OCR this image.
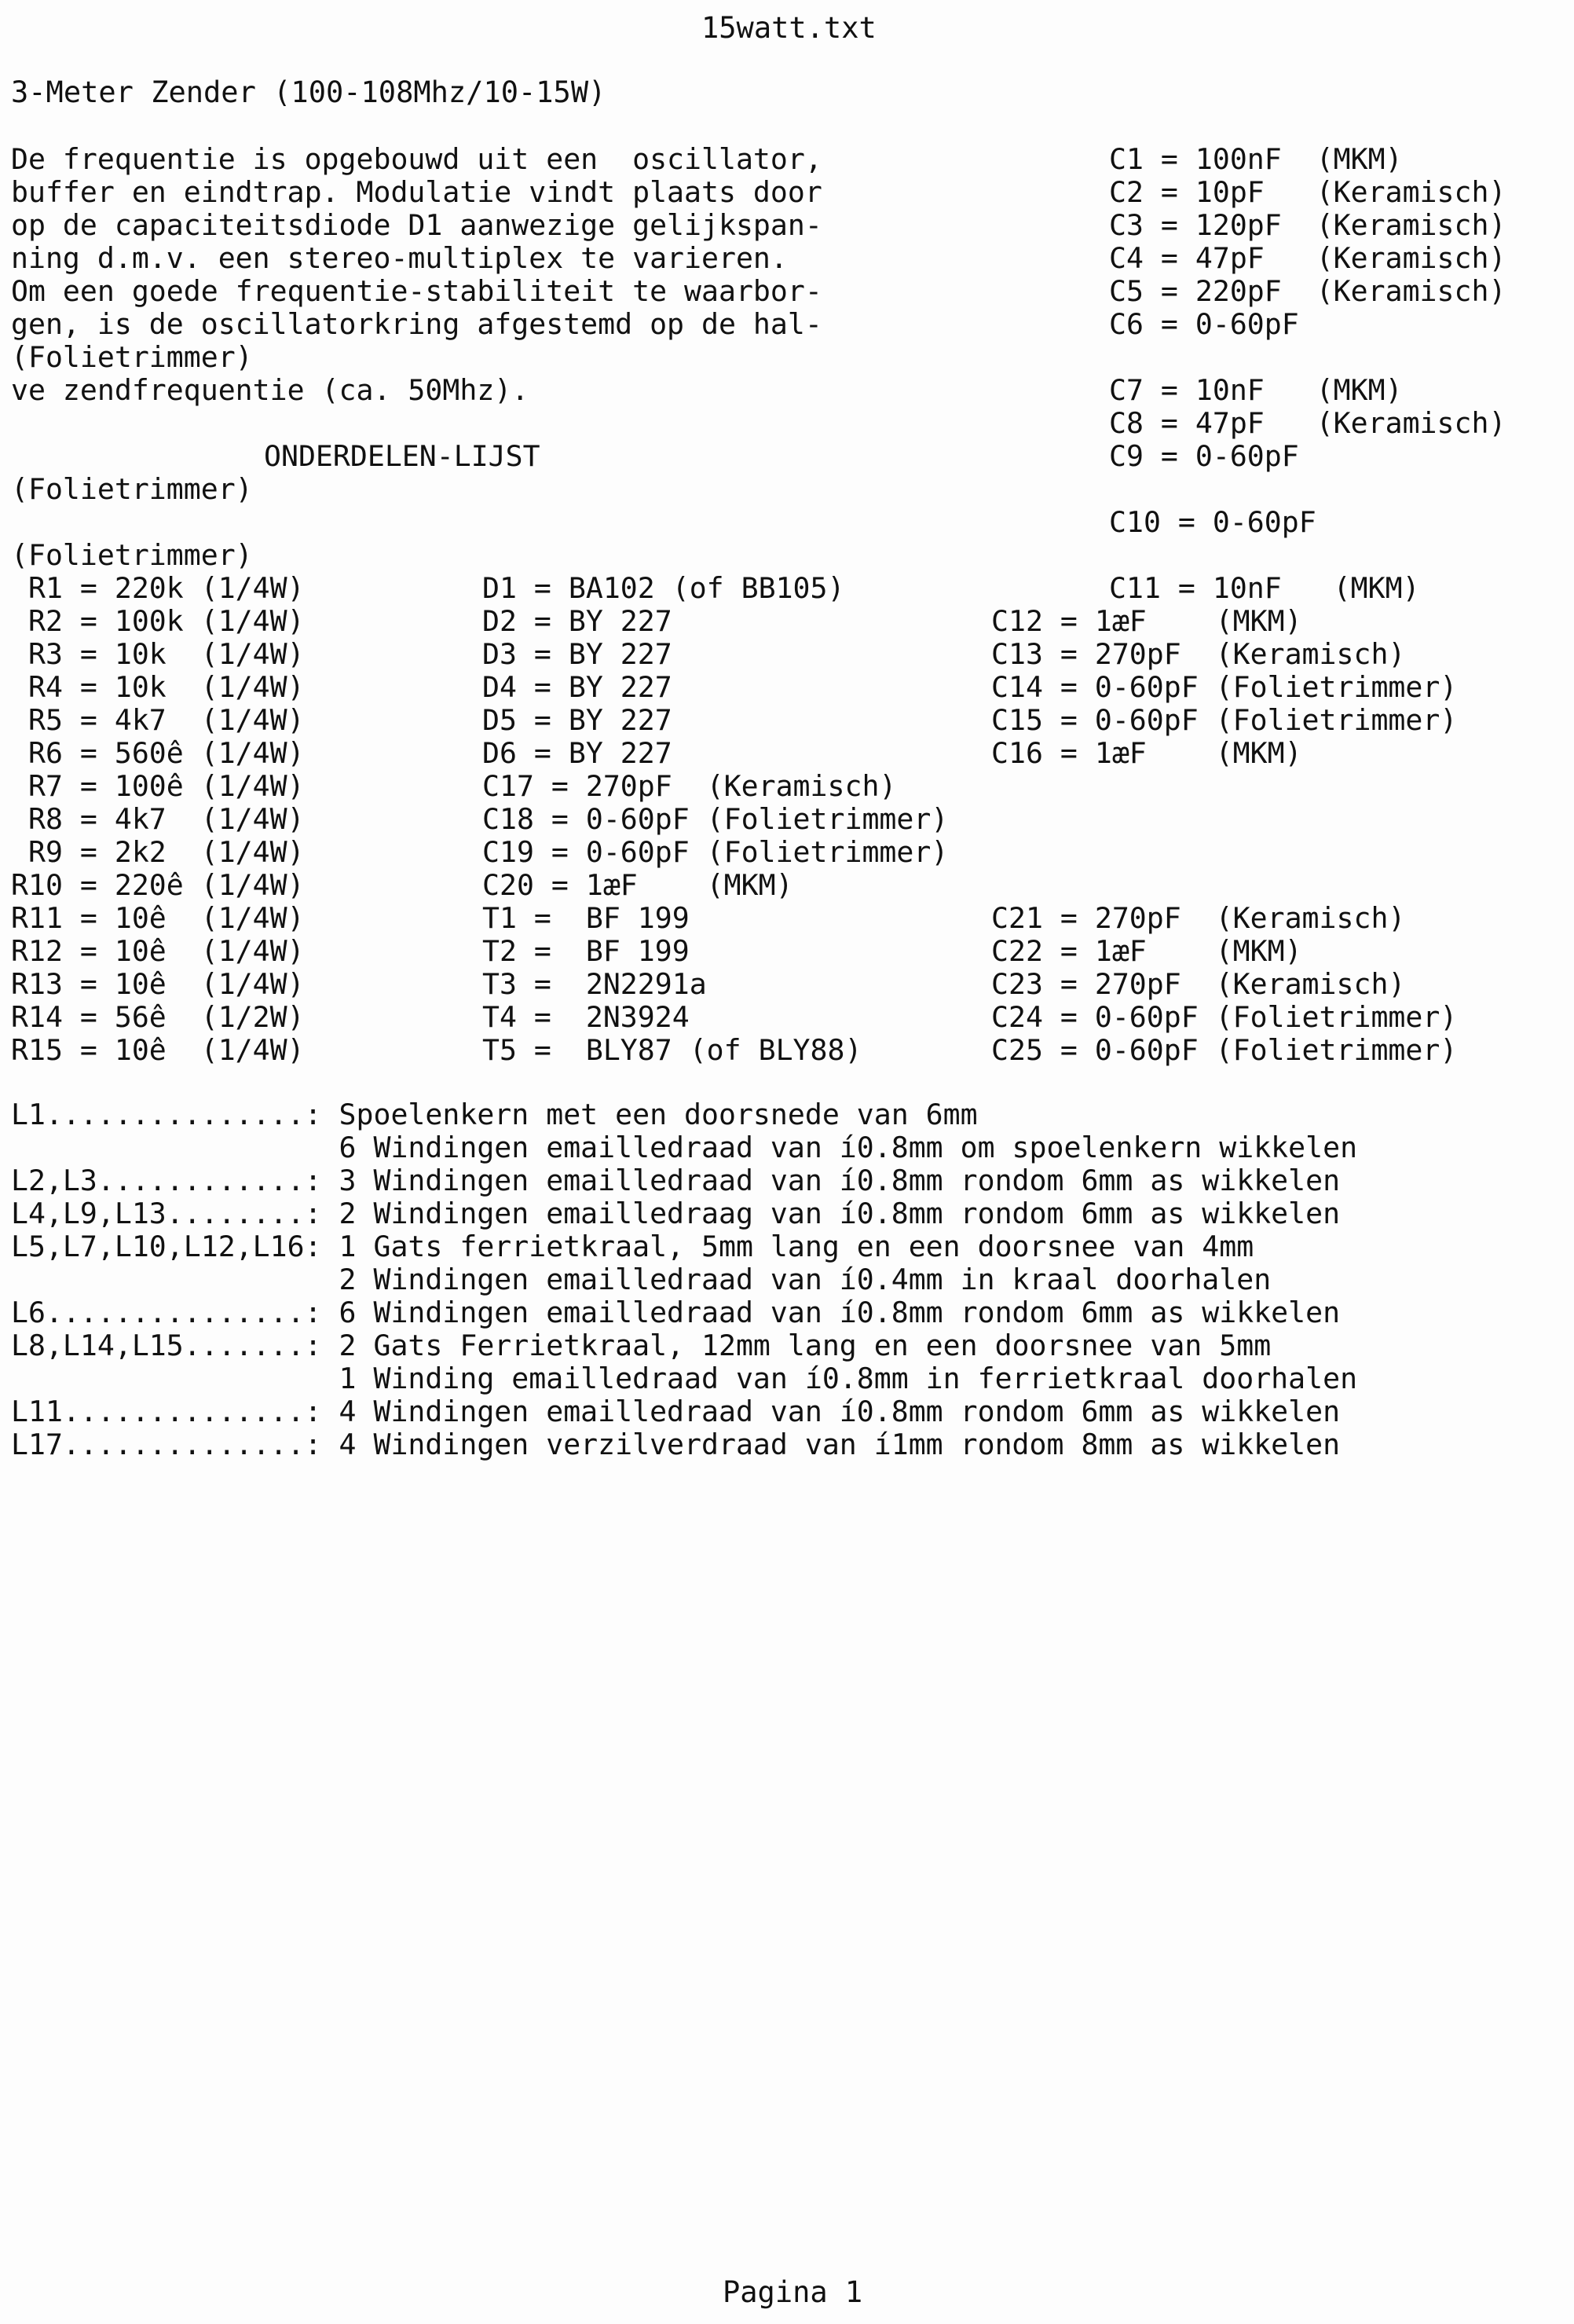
15watt.txt
3-Meter Zender (100-108Mhz/10-15W)
De frequentie is opgebouwd uit een  oscillator,
buffer en eindtrap. Modulatie vindt plaats door
op de capaciteitsdiode D1 aanwezige gelijkspan-
ning d.m.v. een stereo-multiplex te varieren.
Om een goede frequentie-stabiliteit te waarbor-
gen, is de oscillatorkring afgestemd op de hal-
(Folietrimmer)
ve zendfrequentie (ca. 50Mhz).
C1 = 100nF  (MKM)
C2 = 10pF   (Keramisch)
C3 = 120pF  (Keramisch)
C4 = 47pF   (Keramisch)
C5 = 220pF  (Keramisch)
C6 = 0-60pF
C7 = 10nF   (MKM)
C8 = 47pF   (Keramisch)
C9 = 0-60pF
C10 = 0-60pF
C11 = 10nF   (MKM)
ONDERDELEN-LIJST
(Folietrimmer)
(Folietrimmer)
R1 = 220k (1/4W)
R2 = 100k (1/4W)
R3 = 10k  (1/4W)
R4 = 10k  (1/4W)
R5 = 4k7  (1/4W)
R6 = 560ê (1/4W)
R7 = 100ê (1/4W)
R8 = 4k7  (1/4W)
R9 = 2k2  (1/4W)
R10 = 220ê (1/4W)
R11 = 10ê  (1/4W)
R12 = 10ê  (1/4W)
R13 = 10ê  (1/4W)
R14 = 56ê  (1/2W)
R15 = 10ê  (1/4W)
D1 = BA102 (of BB105)
D2 = BY 227
D3 = BY 227
D4 = BY 227
D5 = BY 227
D6 = BY 227
C17 = 270pF  (Keramisch)
C18 = 0-60pF (Folietrimmer)
C19 = 0-60pF (Folietrimmer)
C20 = 1æF    (MKM)
T1 =  BF 199
T2 =  BF 199
T3 =  2N2291a
T4 =  2N3924
T5 =  BLY87 (of BLY88)
C12 = 1æF    (MKM)
C13 = 270pF  (Keramisch)
C14 = 0-60pF (Folietrimmer)
C15 = 0-60pF (Folietrimmer)
C16 = 1æF    (MKM)
C21 = 270pF  (Keramisch)
C22 = 1æF    (MKM)
C23 = 270pF  (Keramisch)
C24 = 0-60pF (Folietrimmer)
C25 = 0-60pF (Folietrimmer)
L1...............: Spoelenkern met een doorsnede van 6mm
6 Windingen emailledraad van í0.8mm om spoelenkern wikkelen
L2,L3............: 3 Windingen emailledraad van í0.8mm rondom 6mm as wikkelen
L4,L9,L13........: 2 Windingen emailledraag van í0.8mm rondom 6mm as wikkelen
L5,L7,L10,L12,L16: 1 Gats ferrietkraal, 5mm lang en een doorsnee van 4mm
2 Windingen emailledraad van í0.4mm in kraal doorhalen
L6...............: 6 Windingen emailledraad van í0.8mm rondom 6mm as wikkelen
L8,L14,L15.......: 2 Gats Ferrietkraal, 12mm lang en een doorsnee van 5mm
1 Winding emailledraad van í0.8mm in ferrietkraal doorhalen
L11..............: 4 Windingen emailledraad van í0.8mm rondom 6mm as wikkelen
L17..............: 4 Windingen verzilverdraad van í1mm rondom 8mm as wikkelen
Pagina 1
